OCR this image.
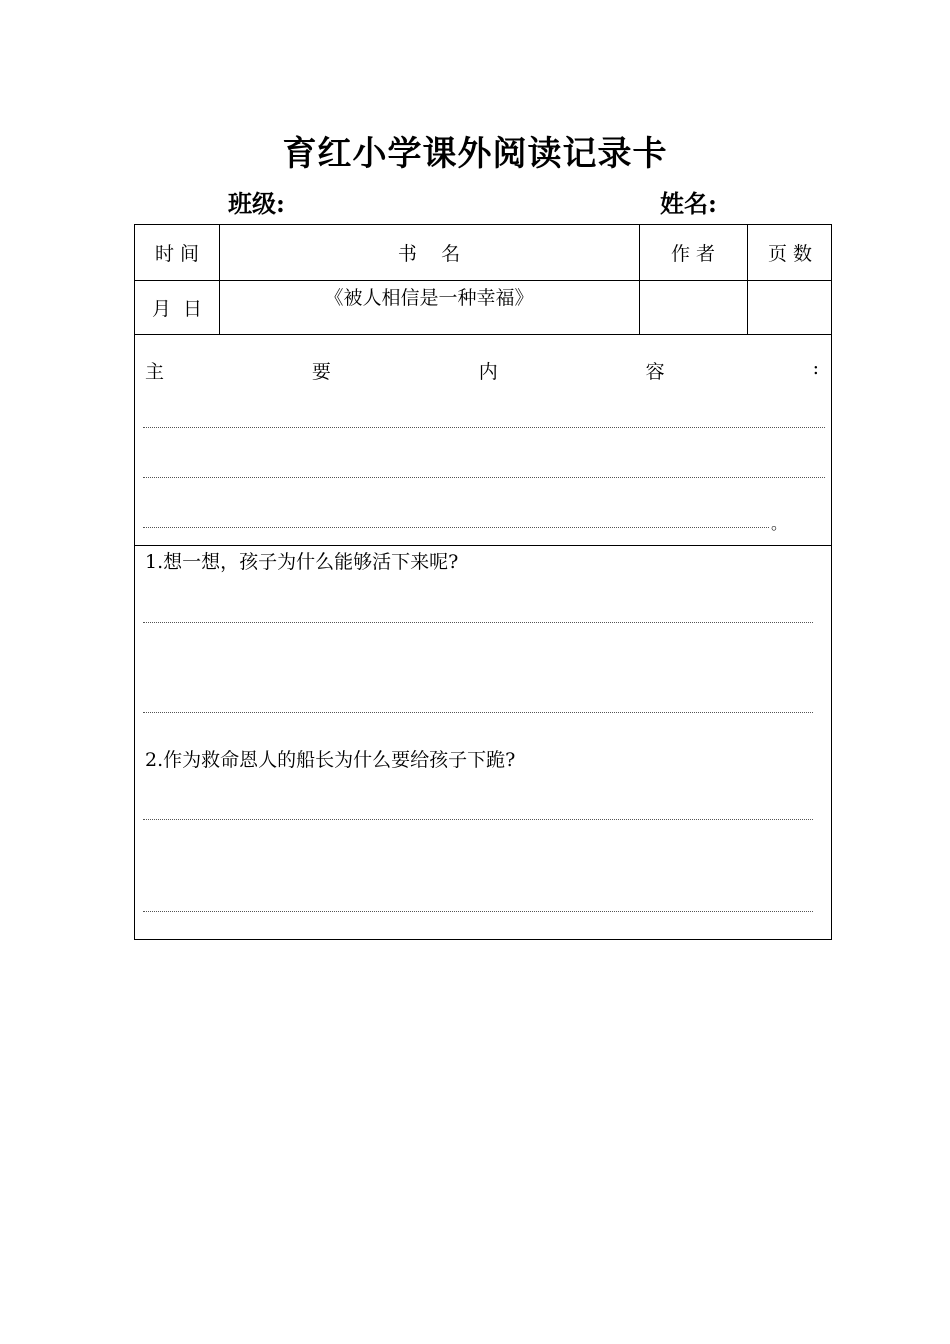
育红小学课外阅读记录卡
班级:	姓名:
时 间	书    名	作 者	页 数
月  日	《被人相信是一种幸福》
主	要	内	容	:
。
1.想一想，孩子为什么能够活下来呢?
2.作为救命恩人的船长为什么要给孩子下跪?
